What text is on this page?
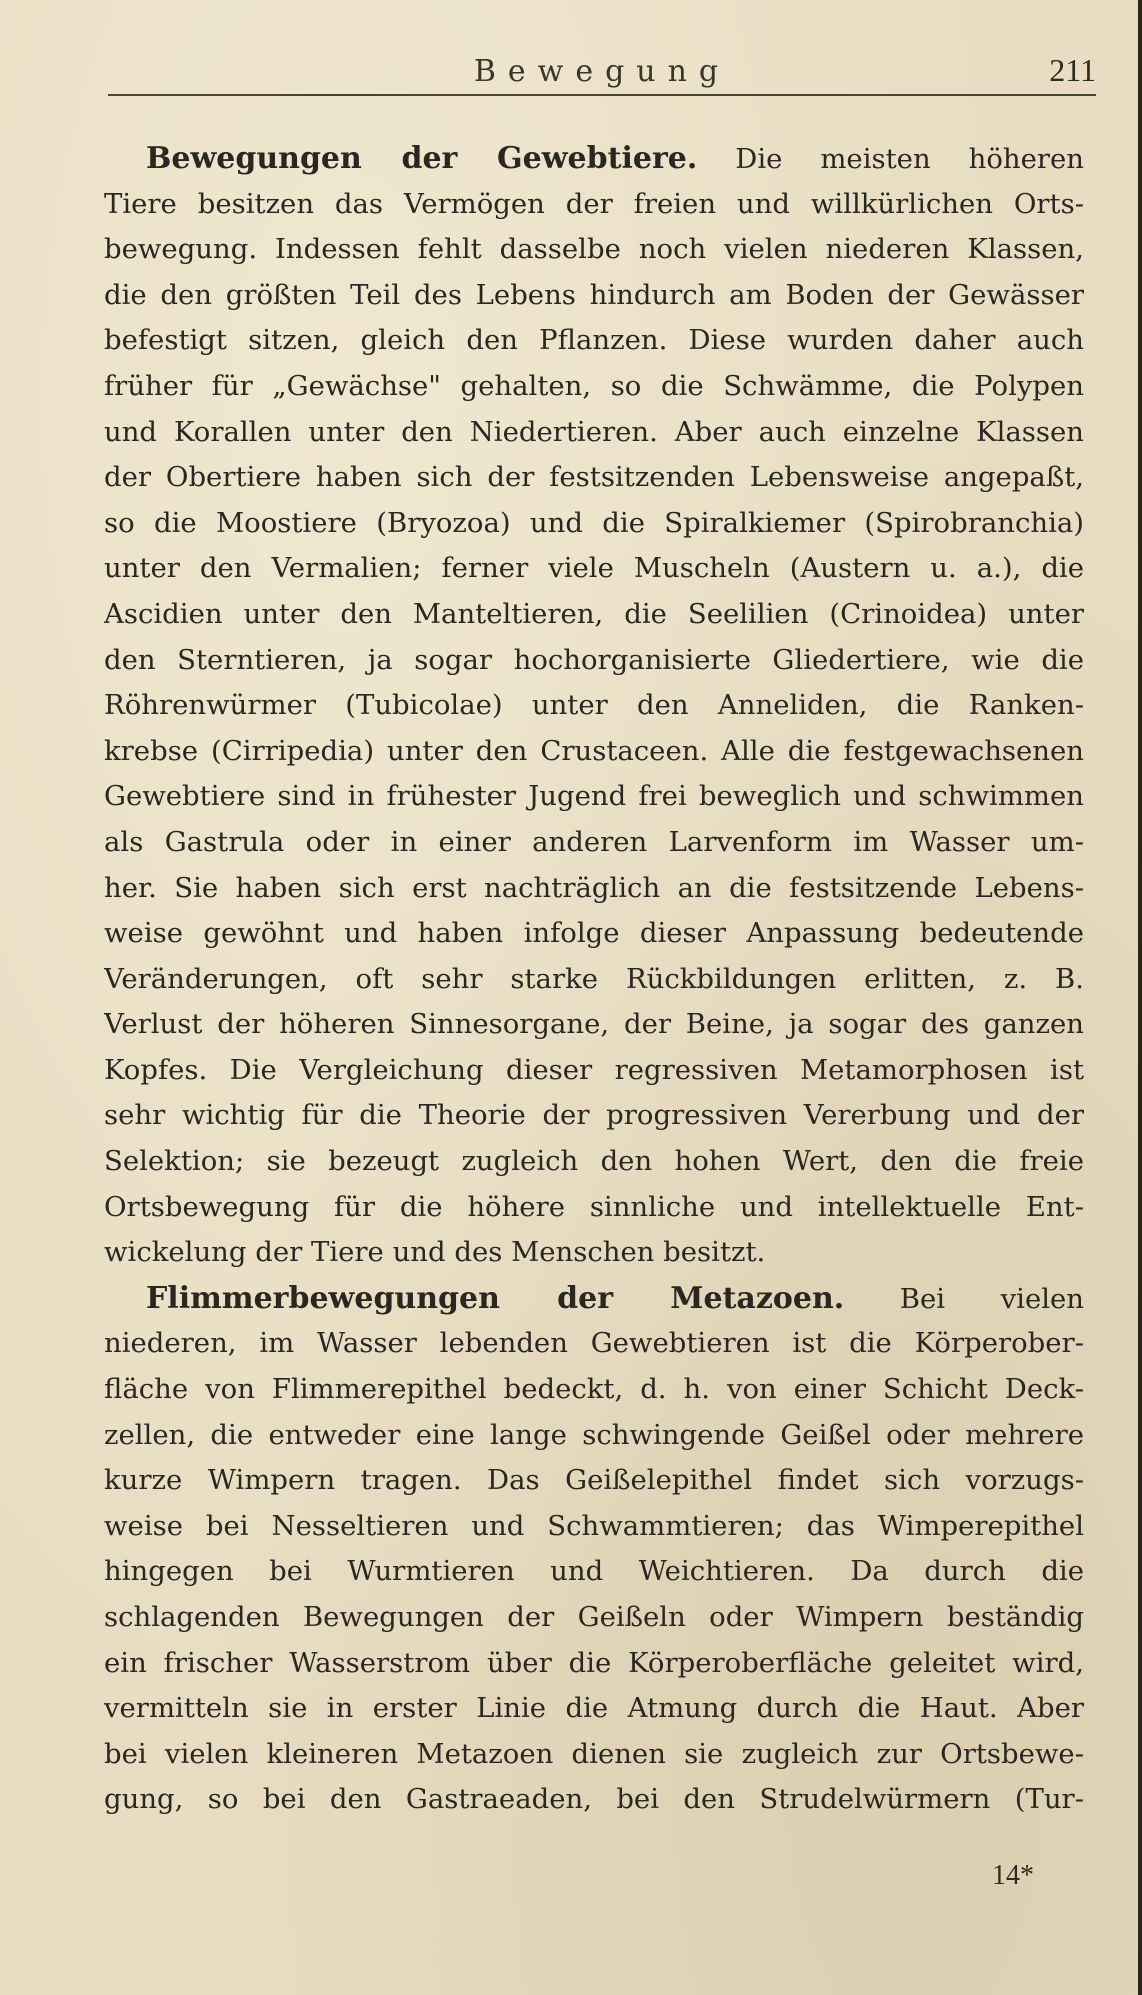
Bewegung	211
Bewegungen der Gewebtiere. Die meisten höheren
Tiere besitzen das Vermögen der freien und willkürlichen Orts-
bewegung. Indessen fehlt dasselbe noch vielen niederen Klassen,
die den größten Teil des Lebens hindurch am Boden der Gewässer
befestigt sitzen, gleich den Pflanzen. Diese wurden daher auch
früher für „Gewächse" gehalten, so die Schwämme, die Polypen
und Korallen unter den Niedertieren. Aber auch einzelne Klassen
der Obertiere haben sich der festsitzenden Lebensweise angepaßt,
so die Moostiere (Bryozoa) und die Spiralkiemer (Spirobranchia)
unter den Vermalien; ferner viele Muscheln (Austern u. a.), die
Ascidien unter den Manteltieren, die Seelilien (Crinoidea) unter
den Sterntieren, ja sogar hochorganisierte Gliedertiere, wie die
Röhrenwürmer (Tubicolae) unter den Anneliden, die Ranken-
krebse (Cirripedia) unter den Crustaceen. Alle die festgewachsenen
Gewebtiere sind in frühester Jugend frei beweglich und schwimmen
als Gastrula oder in einer anderen Larvenform im Wasser um-
her. Sie haben sich erst nachträglich an die festsitzende Lebens-
weise gewöhnt und haben infolge dieser Anpassung bedeutende
Veränderungen, oft sehr starke Rückbildungen erlitten, z. B.
Verlust der höheren Sinnesorgane, der Beine, ja sogar des ganzen
Kopfes. Die Vergleichung dieser regressiven Metamorphosen ist
sehr wichtig für die Theorie der progressiven Vererbung und der
Selektion; sie bezeugt zugleich den hohen Wert, den die freie
Ortsbewegung für die höhere sinnliche und intellektuelle Ent-
wickelung der Tiere und des Menschen besitzt.
Flimmerbewegungen der Metazoen. Bei vielen
niederen, im Wasser lebenden Gewebtieren ist die Körperober-
fläche von Flimmerepithel bedeckt, d. h. von einer Schicht Deck-
zellen, die entweder eine lange schwingende Geißel oder mehrere
kurze Wimpern tragen. Das Geißelepithel findet sich vorzugs-
weise bei Nesseltieren und Schwammtieren; das Wimperepithel
hingegen bei Wurmtieren und Weichtieren. Da durch die
schlagenden Bewegungen der Geißeln oder Wimpern beständig
ein frischer Wasserstrom über die Körperoberfläche geleitet wird,
vermitteln sie in erster Linie die Atmung durch die Haut. Aber
bei vielen kleineren Metazoen dienen sie zugleich zur Ortsbewe-
gung, so bei den Gastraeaden, bei den Strudelwürmern (Tur-
14*
